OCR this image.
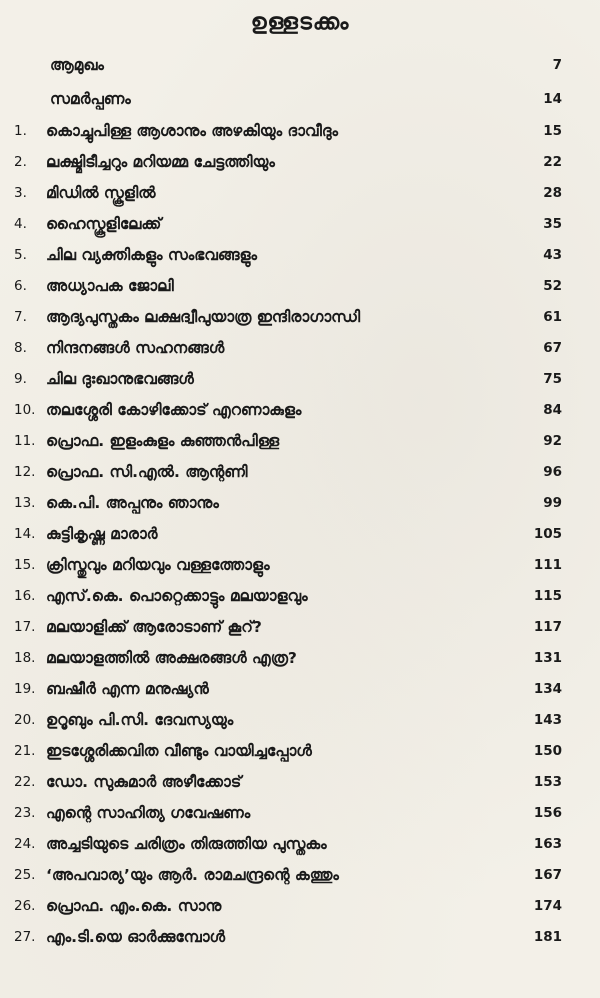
ഉള്ളടക്കം
ആമുഖം	7
സമർപ്പണം	14
1. കൊച്ചുപിള്ള ആശാനും അഴകിയും ദാവീദും	15
2. ലക്ഷ്മിടീച്ചറും മറിയമ്മ ചേട്ടത്തിയും	22
3. മിഡിൽ സ്കൂളിൽ	28
4. ഹൈസ്കൂളിലേക്ക്	35
5. ചില വ്യക്തികളും സംഭവങ്ങളും	43
6. അധ്യാപക ജോലി	52
7. ആദ്യപുസ്തകം ലക്ഷദ്വീപുയാത്ര ഇന്ദിരാഗാന്ധി	61
8. നിന്ദനങ്ങൾ സഹനങ്ങൾ	67
9. ചില ദുഃഖാനുഭവങ്ങൾ	75
10. തലശ്ശേരി കോഴിക്കോട് എറണാകുളം	84
11. പ്രൊഫ. ഇളംകുളം കുഞ്ഞൻപിള്ള	92
12. പ്രൊഫ. സി.എൽ. ആന്റണി	96
13. കെ.പി. അപ്പനും ഞാനും	99
14. കുട്ടികൃഷ്ണ മാരാർ	105
15. ക്രിസ്തുവും മറിയവും വള്ളത്തോളും	111
16. എസ്.കെ. പൊറ്റെക്കാട്ടും മലയാളവും	115
17. മലയാളിക്ക് ആരോടാണ് കൂറ്?	117
18. മലയാളത്തിൽ അക്ഷരങ്ങൾ എത്ര?	131
19. ബഷീർ എന്ന മനുഷ്യൻ	134
20. ഉറൂബും പി.സി. ദേവസ്യയും	143
21. ഇടശ്ശേരിക്കവിത വീണ്ടും വായിച്ചപ്പോൾ	150
22. ഡോ. സുകുമാർ അഴീക്കോട്	153
23. എന്റെ സാഹിത്യ ഗവേഷണം	156
24. അച്ചടിയുടെ ചരിത്രം തിരുത്തിയ പുസ്തകം	163
25. ‘അപവാര്യ’യും ആർ. രാമചന്ദ്രന്റെ കത്തും	167
26. പ്രൊഫ. എം.കെ. സാനു	174
27. എം.ടി.യെ ഓർക്കുമ്പോൾ	181
